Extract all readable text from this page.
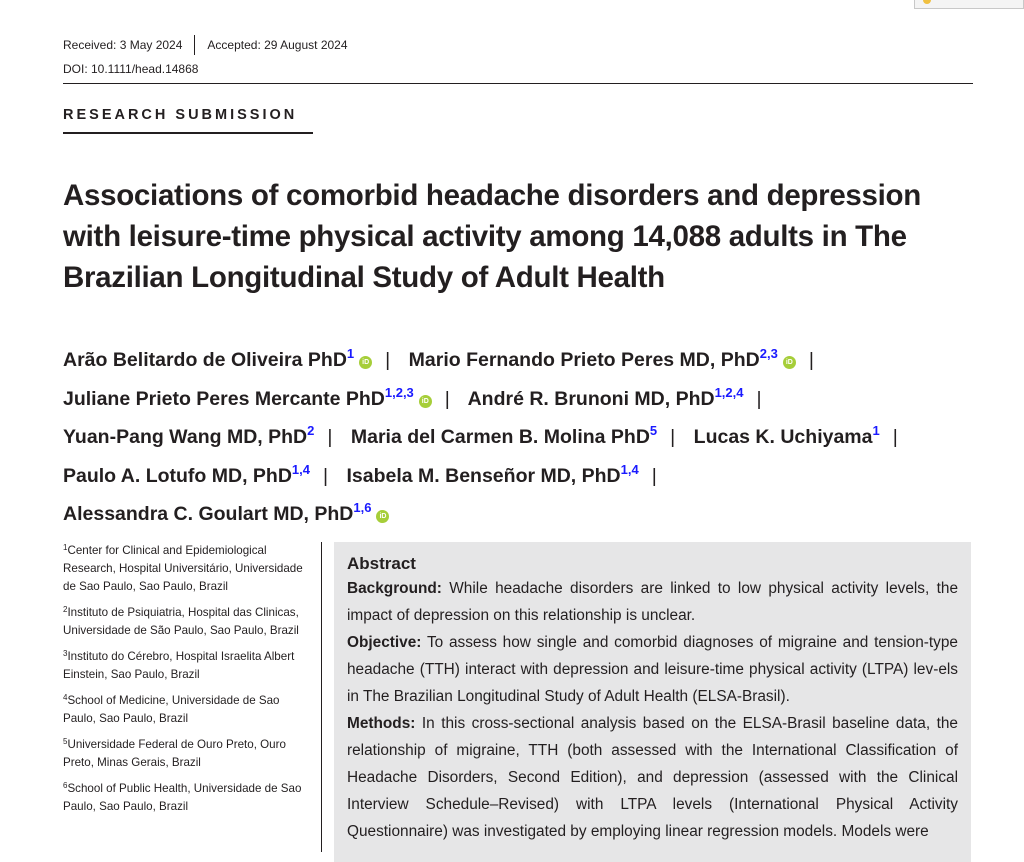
Received: 3 May 2024 Accepted: 29 August 2024
DOI: 10.1111/head.14868
RESEARCH SUBMISSION
Associations of comorbid headache disorders and depression with leisure-time physical activity among 14,088 adults in The Brazilian Longitudinal Study of Adult Health
Arão Belitardo de Oliveira PhD$^1$iD | Mario Fernando Prieto Peres MD, PhD$^{2,3}$iD | Juliane Prieto Peres Mercante PhD$^{1,2,3}$iD | André R. Brunoni MD, PhD$^{1,2,4}$ | Yuan-Pang Wang MD, PhD$^2$ | Maria del Carmen B. Molina PhD$^5$ | Lucas K. Uchiyama$^1$ | Paulo A. Lotufo MD, PhD$^{1,4}$ | Isabela M. Benseñor MD, PhD$^{1,4}$ | Alessandra C. Goulart MD, PhD$^{1,6}$iD
$^1$Center for Clinical and Epidemiological Research, Hospital Universitário, Universidade de Sao Paulo, Sao Paulo, Brazil
$^2$Instituto de Psiquiatria, Hospital das Clinicas, Universidade de São Paulo, Sao Paulo, Brazil
$^3$Instituto do Cérebro, Hospital Israelita Albert Einstein, Sao Paulo, Brazil
$^4$School of Medicine, Universidade de Sao Paulo, Sao Paulo, Brazil
$^5$Universidade Federal de Ouro Preto, Ouro Preto, Minas Gerais, Brazil
$^6$School of Public Health, Universidade de Sao Paulo, Sao Paulo, Brazil
Abstract

Background: While headache disorders are linked to low physical activity levels, the impact of depression on this relationship is unclear.

Objective: To assess how single and comorbid diagnoses of migraine and tension-type headache (TTH) interact with depression and leisure-time physical activity (LTPA) lev-els in The Brazilian Longitudinal Study of Adult Health (ELSA-Brasil).

Methods: In this cross-sectional analysis based on the ELSA-Brasil baseline data, the relationship of migraine, TTH (both assessed with the International Classification of Headache Disorders, Second Edition), and depression (assessed with the Clinical Interview Schedule–Revised) with LTPA levels (International Physical Activity Questionnaire) was investigated by employing linear regression models. Models were
